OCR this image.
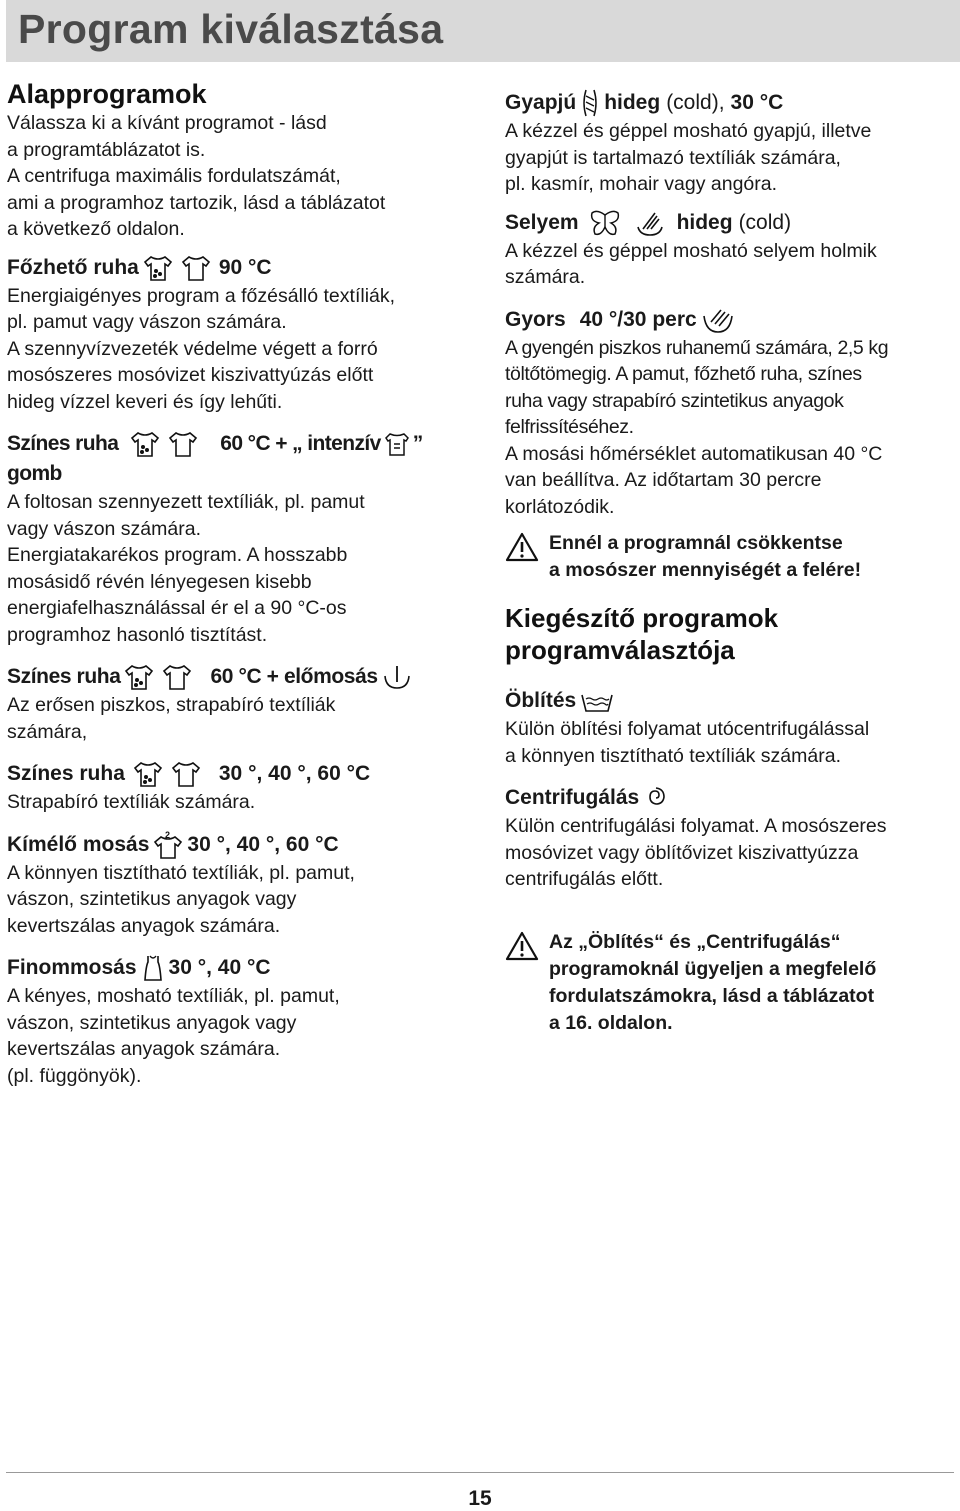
Program kiválasztása
Alapprogramok

Válassza ki a kívánt programot - lásd

a programtáblázatot is.

A centrifuga maximális fordulatszámát,

ami a programhoz tartozik, lásd a táblázatot

a következő oldalon.

Főzhető ruha	90 °C

Energiaigényes program a főzésálló textíliák,

pl. pamut vagy vászon számára.

A szennyvízvezeték védelme végett a forró

mosószeres mosóvizet kiszivattyúzás előtt

hideg vízzel keveri és így lehűti.

Színes ruha	60 °C + „ intenzív ”
gomb

A foltosan szennyezett textíliák, pl. pamut

vagy vászon számára.

Energiatakarékos program. A hosszabb

mosásidő révén lényegesen kisebb

energiafelhasználással ér el a 90 °C-os

programhoz hasonló tisztítást.

Színes ruha	60 °C + előmosás

Az erősen piszkos, strapabíró textíliák

számára,

Színes ruha	30 °, 40 °, 60 °C

Strapabíró textíliák számára.

Kímélő mosás 2 30 °, 40 °, 60 °C

A könnyen tisztítható textíliák, pl. pamut,

vászon, szintetikus anyagok vagy

kevertszálas anyagok számára.

Finommosás 30 °, 40 °C

A kényes, mosható textíliák, pl. pamut,

vászon, szintetikus anyagok vagy

kevertszálas anyagok számára.

(pl. függönyök).

Gyapjú hideg (cold), 30 °C

A kézzel és géppel mosható gyapjú, illetve

gyapjút is tartalmazó textíliák számára,

pl. kasmír, mohair vagy angóra.

Selyem	hideg (cold)

A kézzel és géppel mosható selyem holmik

számára.

Gyors 40 °/30 perc

A gyengén piszkos ruhanemű számára, 2,5 kg

töltőtömegig. A pamut, főzhető ruha, színes

ruha vagy strapabíró szintetikus anyagok

felfrissítéséhez.

A mosási hőmérséklet automatikusan 40 °C

van beállítva. Az időtartam 30 percre

korlátozódik.

Ennél a programnál csökkentse
a mosószer mennyiségét a felére!
Kiegészítő programok
programválasztója
Öblítés

Külön öblítési folyamat utócentrifugálással

a könnyen tisztítható textíliák számára.

Centrifugálás

Külön centrifugálási folyamat. A mosószeres

mosóvizet vagy öblítővizet kiszivattyúzza

centrifugálás előtt.

Az „Öblítés“ és „Centrifugálás“
programoknál ügyeljen a megfelelő
fordulatszámokra, lásd a táblázatot
a 16. oldalon.
15
